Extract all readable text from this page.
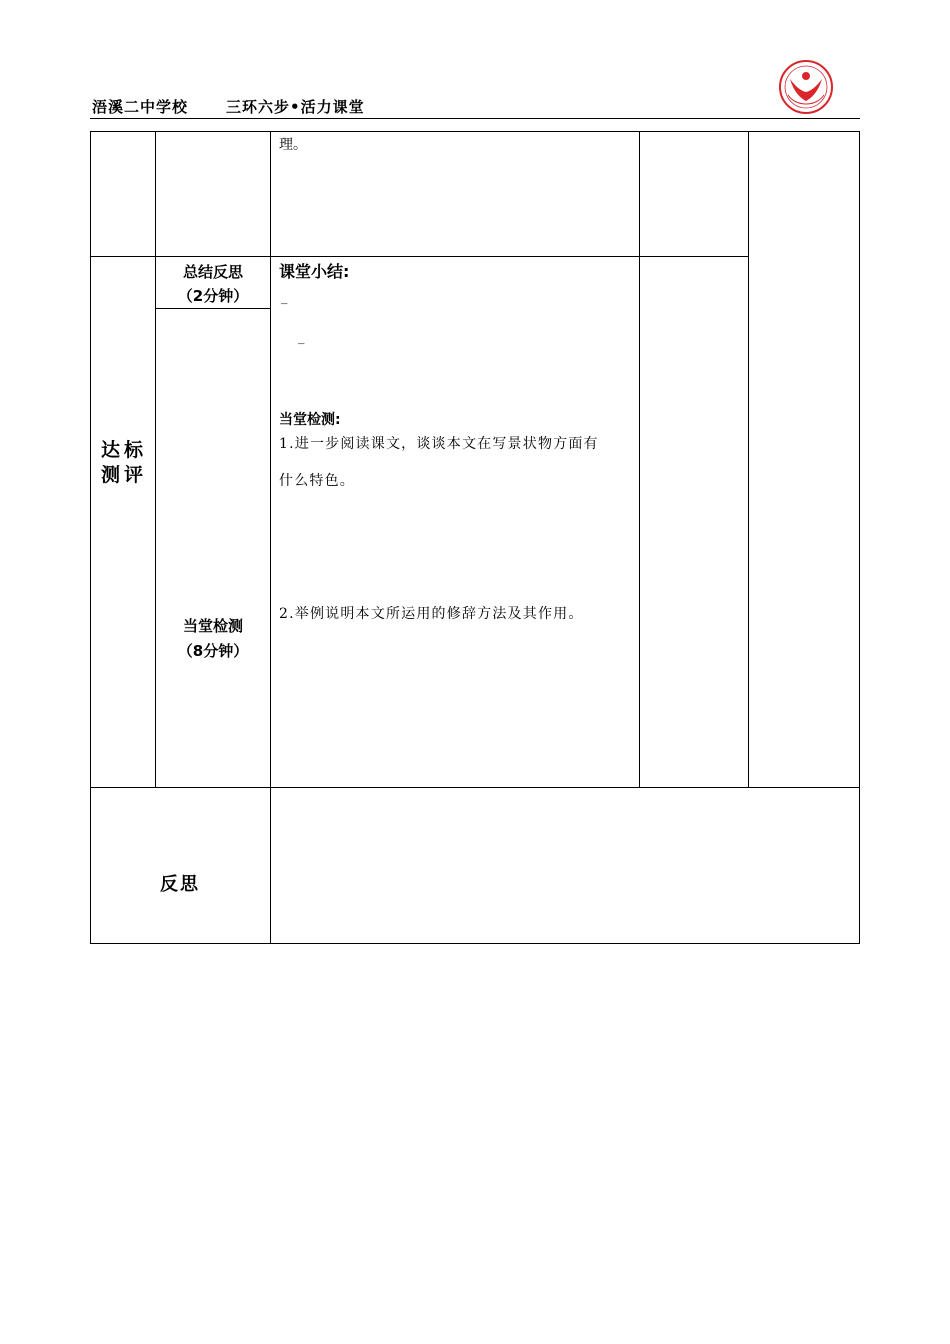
浯溪二中学校	三环六步•活力课堂
理。
达标
测评
总结反思
（2分钟）
当堂检测
（8分钟）
课堂小结:
_
_
当堂检测:
1.进一步阅读课文，谈谈本文在写景状物方面有
什么特色。
2.举例说明本文所运用的修辞方法及其作用。
反思
